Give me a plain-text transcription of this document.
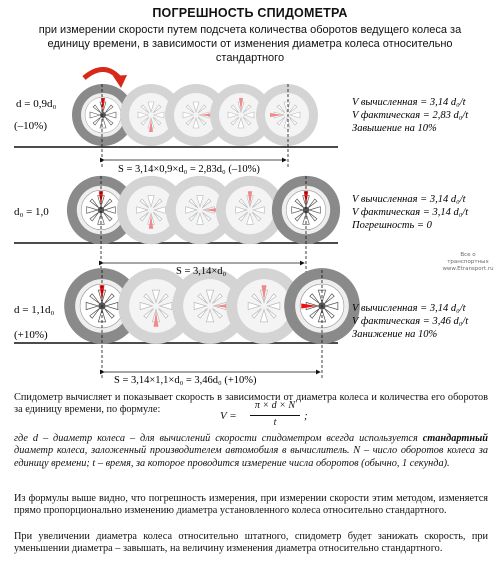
ПОГРЕШНОСТЬ СПИДОМЕТРА
при измерении скорости путем подсчета количества оборотов ведущего колеса за единицу времени, в зависимости от изменения диаметра колеса относительно стандартного
d = 0,9d₀
(–10%)
d₀ = 1,0
d = 1,1d₀
(+10%)
S = 3,14×0,9×d₀ = 2,83d₀ (–10%)
S = 3,14×d₀
S = 3,14×1,1×d₀ = 3,46d₀ (+10%)
V вычисленная = 3,14 d₀/t
V фактическая = 2,83 d₀/t
Завышение на 10%
V вычисленная = 3,14 d₀/t
V фактическая = 3,14 d₀/t
Погрешность = 0
V вычисленная = 3,14 d₀/t
V фактическая = 3,46 d₀/t
Занижение на 10%
Все о транспортных www.Etransport.ru
Спидометр вычисляет и показывает скорость в зависимости от диаметра колеса и количества его оборотов за единицу времени, по формуле:
V =
π × d × N
t
;
где d – диаметр колеса – для вычислений скорости спидометром всегда используется стандартный диаметр колеса, заложенный производителем автомобиля в вычислитель. N – число оборотов колеса за единицу времени; t – время, за которое проводится измерение числа оборотов (обычно, 1 секунда).
Из формулы выше видно, что погрешность измерения, при измерении скорости этим методом, изменяется прямо пропорционально изменению диаметра установленного колеса относительно стандартного.
При увеличении диаметра колеса относительно штатного, спидометр будет занижать скорость, при уменьшении диаметра – завышать, на величину изменения диаметра относительно стандартного.
